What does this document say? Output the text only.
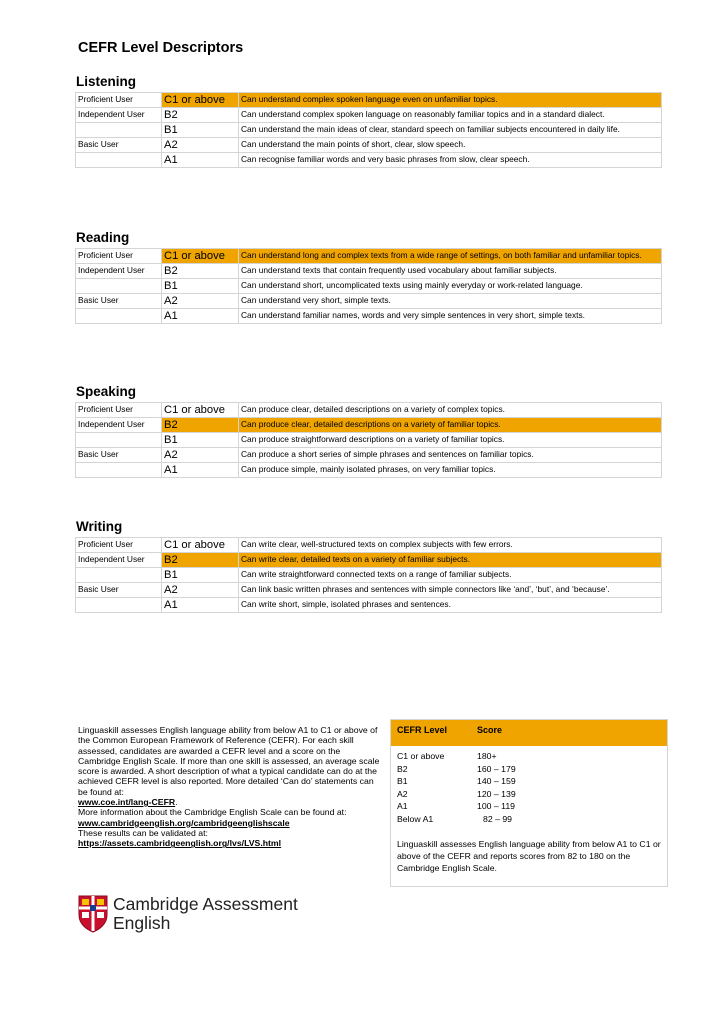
CEFR Level Descriptors
Listening
Proficient User	C1 or above	Can understand complex spoken language even on unfamiliar topics.
Independent User	B2	Can understand complex spoken language on reasonably familiar topics and in a standard dialect.
	B1	Can understand the main ideas of clear, standard speech on familiar subjects encountered in daily life.
Basic User	A2	Can understand the main points of short, clear, slow speech.
	A1	Can recognise familiar words and very basic phrases from slow, clear speech.
Reading
Proficient User	C1 or above	Can understand long and complex texts from a wide range of settings, on both familiar and unfamiliar topics.
Independent User	B2	Can understand texts that contain frequently used vocabulary about familiar subjects.
	B1	Can understand short, uncomplicated texts using mainly everyday or work-related language.
Basic User	A2	Can understand very short, simple texts.
	A1	Can understand familiar names, words and very simple sentences in very short, simple texts.
Speaking
Proficient User	C1 or above	Can produce clear, detailed descriptions on a variety of complex topics.
Independent User	B2	Can produce clear, detailed descriptions on a variety of familiar topics.
	B1	Can produce straightforward descriptions on a variety of familiar topics.
Basic User	A2	Can produce a short series of simple phrases and sentences on familiar topics.
	A1	Can produce simple, mainly isolated phrases, on very familiar topics.
Writing
Proficient User	C1 or above	Can write clear, well-structured texts on complex subjects with few errors.
Independent User	B2	Can write clear, detailed texts on a variety of familiar subjects.
	B1	Can write straightforward connected texts on a range of familiar subjects.
Basic User	A2	Can link basic written phrases and sentences with simple connectors like ‘and’, ‘but’, and ‘because’.
	A1	Can write short, simple, isolated phrases and sentences.
Linguaskill assesses English language ability from below A1 to C1 or above of the Common European Framework of Reference (CEFR). For each skill assessed, candidates are awarded a CEFR level and a score on the Cambridge English Scale. If more than one skill is assessed, an average scale score is awarded. A short description of what a typical candidate can do at the achieved CEFR level is also reported. More detailed ‘Can do’ statements can be found at:
www.coe.int/lang-CEFR.
More information about the Cambridge English Scale can be found at:
www.cambridgeenglish.org/cambridgeenglishscale
These results can be validated at:
https://assets.cambridgeenglish.org/lvs/LVS.html
CEFR Level	Score
C1 or above	180+
B2	160 – 179
B1	140 – 159
A2	120 – 139
A1	100 – 119
Below A1	82 – 99
Linguaskill assesses English language ability from below A1 to C1 or above of the CEFR and reports scores from 82 to 180 on the Cambridge English Scale.
Cambridge Assessment
English
